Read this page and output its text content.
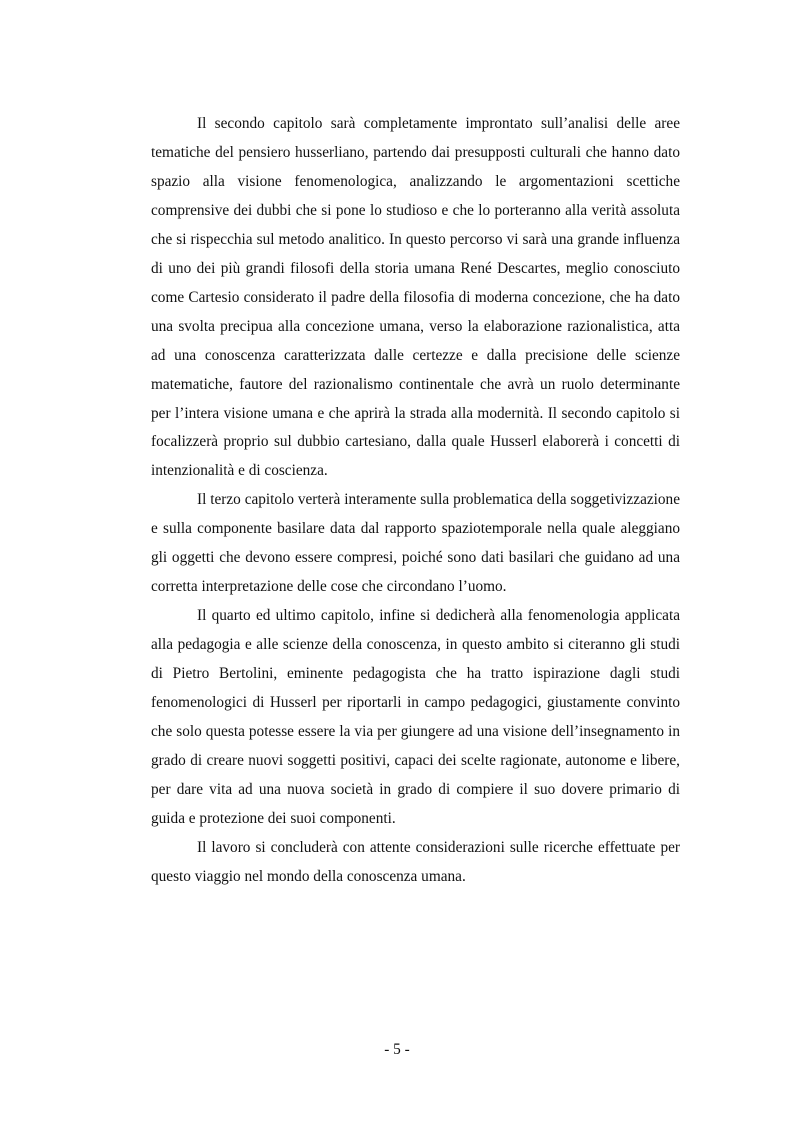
Il secondo capitolo sarà completamente improntato sull’analisi delle aree tematiche del pensiero husserliano, partendo dai presupposti culturali che hanno dato spazio alla visione fenomenologica, analizzando le argomentazioni scettiche comprensive dei dubbi che si pone lo studioso e che lo porteranno alla verità assoluta che si rispecchia sul metodo analitico. In questo percorso vi sarà una grande influenza di uno dei più grandi filosofi della storia umana René Descartes, meglio conosciuto come Cartesio considerato il padre della filosofia di moderna concezione, che ha dato una svolta precipua alla concezione umana, verso la elaborazione razionalistica, atta ad una conoscenza caratterizzata dalle certezze e dalla precisione delle scienze matematiche, fautore del razionalismo continentale che avrà un ruolo determinante per l’intera visione umana e che aprirà la strada alla modernità. Il secondo capitolo si focalizzerà proprio sul dubbio cartesiano, dalla quale Husserl elaborerà i concetti di intenzionalità e di coscienza.

Il terzo capitolo verterà interamente sulla problematica della soggetivizzazione e sulla componente basilare data dal rapporto spaziotemporale nella quale aleggiano gli oggetti che devono essere compresi, poiché sono dati basilari che guidano ad una corretta interpretazione delle cose che circondano l’uomo.

Il quarto ed ultimo capitolo, infine si dedicherà alla fenomenologia applicata alla pedagogia e alle scienze della conoscenza, in questo ambito si citeranno gli studi di Pietro Bertolini, eminente pedagogista che ha tratto ispirazione dagli studi fenomenologici di Husserl per riportarli in campo pedagogici, giustamente convinto che solo questa potesse essere la via per giungere ad una visione dell’insegnamento in grado di creare nuovi soggetti positivi, capaci dei scelte ragionate, autonome e libere, per dare vita ad una nuova società in grado di compiere il suo dovere primario di guida e protezione dei suoi componenti.

Il lavoro si concluderà con attente considerazioni sulle ricerche effettuate per questo viaggio nel mondo della conoscenza umana.

- 5 -
